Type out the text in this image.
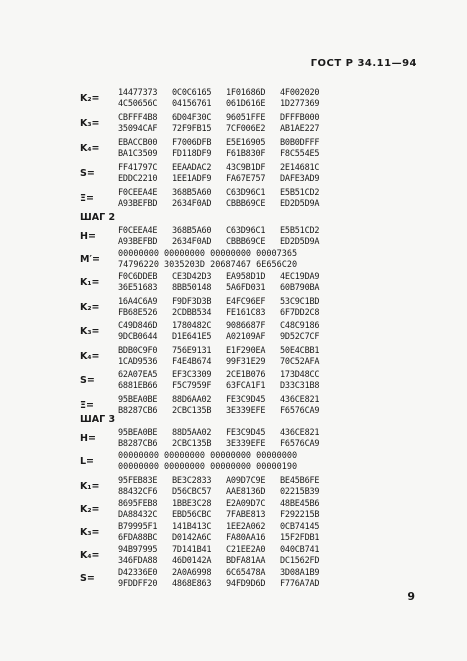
ГОСТ Р 34.11—94
K₂=	14477373 0C0C6165 1F01686D 4F002020
4C50656C 04156761 061D616E 1D277369
K₃=	CBFFF4B8 6D04F30C 96051FFE DFFFB000
35094CAF 72F9FB15 7CF006E2 AB1AE227
K₄=	EBACCB00 F7006DFB E5E16905 B0B0DFFF
BA1C3509 FD118DF9 F61B830F F8C554E5
S=	FF41797C EEAADAC2 43C9B1DF 2E14681C
EDDC2210 1EE1ADF9 FA67E757 DAFE3AD9
Ξ=	F0CEEA4E 368B5A60 C63D96C1 E5B51CD2
A93BEFBD 2634F0AD CBBB69CE ED2D5D9A
ШАГ 2
H=	F0CEEA4E 368B5A60 C63D96C1 E5B51CD2
A93BEFBD 2634F0AD CBBB69CE ED2D5D9A
M′=	00000000 00000000 00000000 00007365
74796220 3035203D 20687467 6E656C20
K₁=	F0C6DDEB CE3D42D3 EA958D1D 4EC19DA9
36E51683 8BB50148 5A6FD031 60B790BA
K₂=	16A4C6A9 F9DF3D3B E4FC96EF 53C9C1BD
FB68E526 2CDBB534 FE161C83 6F7DD2C8
K₃=	C49D846D 1780482C 9086687F C48C9186
9DCB0644 D1E641E5 A02109AF 9D52C7CF
K₄=	BDB0C9F0 756E9131 E1F290EA 50E4CBB1
1CAD9536 F4E4B674 99F31E29 70C52AFA
S=	62A07EA5 EF3C3309 2CE1B076 173D48CC
6881EB66 F5C7959F 63FCA1F1 D33C31B8
Ξ=	95BEA0BE 88D6AA02 FE3C9D45 436CE821
B8287CB6 2CBC135B 3E339EFE F6576CA9
ШАГ 3
H=	95BEA0BE 88D5AA02 FE3C9D45 436CE821
B8287CB6 2CBC135B 3E339EFE F6576CA9
L=	00000000 00000000 00000000 00000000
00000000 00000000 00000000 00000190
K₁=	95FEB83E BE3C2833 A09D7C9E BE45B6FE
88432CF6 D56CBC57 AAE8136D 02215B39
K₂=	8695FEB8 1BBE3C28 E2A09D7C 48BE45B6
DA88432C EBD56CBC 7FABE813 F292215B
K₃=	B79995F1 141B413C 1EE2A062 0CB74145
6FDA88BC D0142A6C FA80AA16 15F2FDB1
K₄=	94B97995 7D141B41 C21EE2A0 040CB741
346FDA88 46D0142A BDFA81AA DC1562FD
S=	D42336E0 2A0A6998 6C65478A 3D08A1B9
9FDDFF20 4868E863 94FD9D6D F776A7AD
9
